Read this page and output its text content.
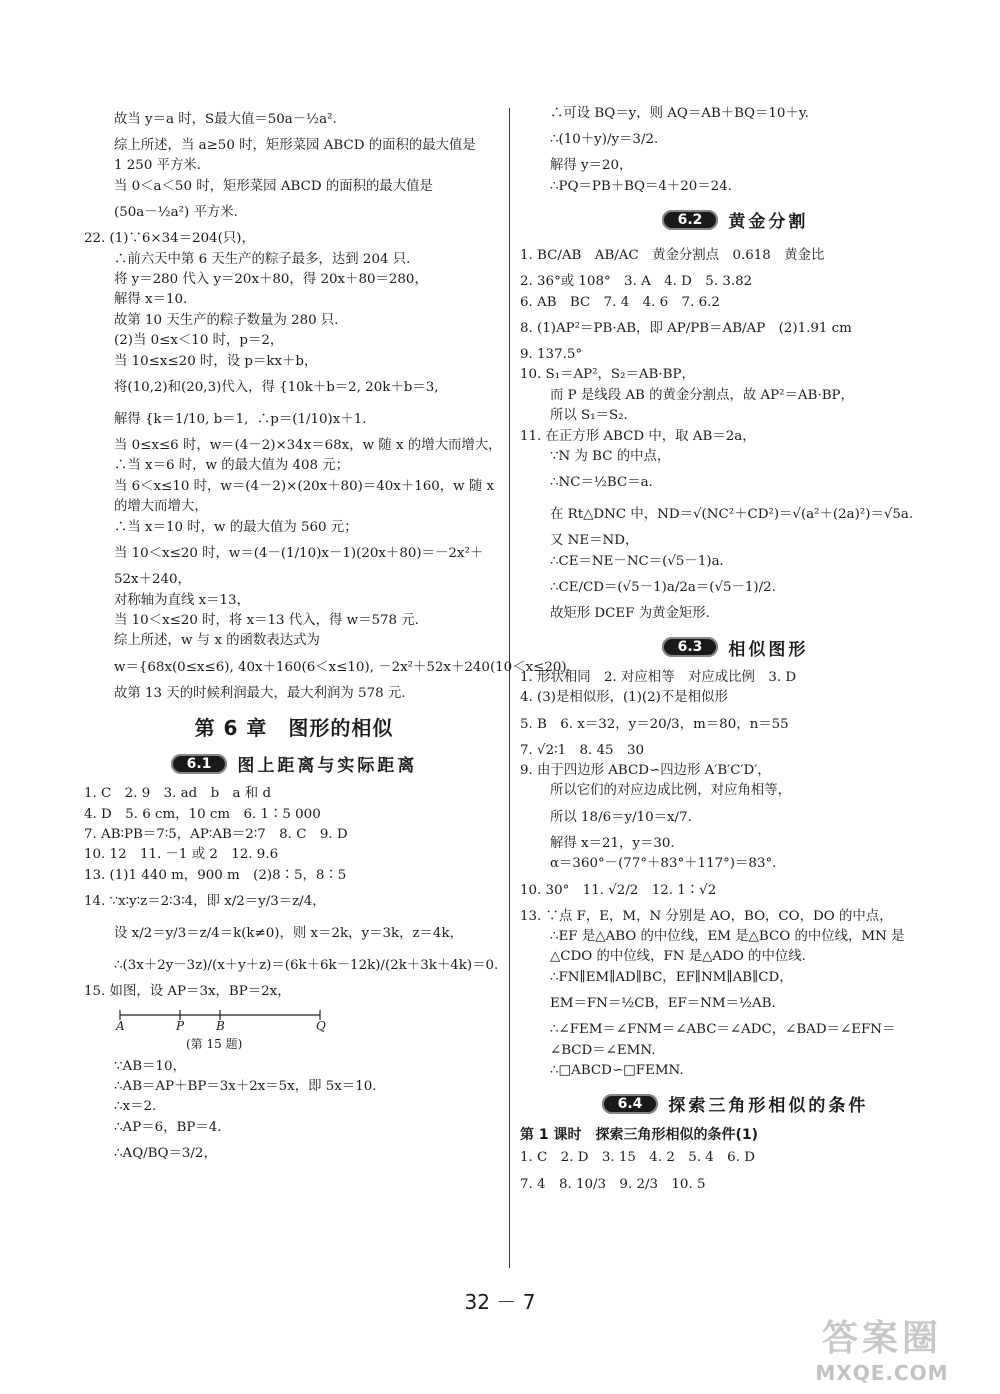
故当 y＝a 时，S最大值＝50a－½a².

综上所述，当 a≥50 时，矩形菜园 ABCD 的面积的最大值是

1 250 平方米.

当 0＜a＜50 时，矩形菜园 ABCD 的面积的最大值是

(50a－½a²) 平方米.

22. (1)∵6×34＝204(只)，

∴前六天中第 6 天生产的粽子最多，达到 204 只.

将 y＝280 代入 y＝20x＋80，得 20x＋80＝280，

解得 x＝10.

故第 10 天生产的粽子数量为 280 只.

(2)当 0≤x＜10 时，p＝2，

当 10≤x≤20 时，设 p＝kx＋b，

将(10,2)和(20,3)代入，得 {10k＋b＝2, 20k＋b＝3,

解得 {k＝1/10, b＝1,  ∴p＝(1/10)x＋1.

当 0≤x≤6 时，w＝(4－2)×34x＝68x，w 随 x 的增大而增大，

∴当 x＝6 时，w 的最大值为 408 元；

当 6＜x≤10 时，w＝(4－2)×(20x＋80)＝40x＋160，w 随 x

的增大而增大，

∴当 x＝10 时，w 的最大值为 560 元；

当 10＜x≤20 时，w＝(4－(1/10)x－1)(20x＋80)＝－2x²＋

52x＋240，

对称轴为直线 x＝13，

当 10＜x≤20 时，将 x＝13 代入，得 w＝578 元.

综上所述，w 与 x 的函数表达式为

w＝{68x(0≤x≤6), 40x＋160(6＜x≤10), －2x²＋52x＋240(10＜x≤20).

故第 13 天的时候利润最大，最大利润为 578 元.

第 6 章　图形的相似
6.1	图上距离与实际距离

1. C　2. 9　3. ad　b　a 和 d

4. D　5. 6 cm，10 cm　6. 1∶5 000

7. AB∶PB＝7∶5，AP∶AB＝2∶7　8. C　9. D

10. 12　11. －1 或 2　12. 9.6

13. (1)1 440 m，900 m　(2)8∶5，8∶5

14. ∵x∶y∶z＝2∶3∶4，即 x/2＝y/3＝z/4，

设 x/2＝y/3＝z/4＝k(k≠0)，则 x＝2k，y＝3k，z＝4k，

∴(3x＋2y－3z)/(x＋y＋z)＝(6k＋6k－12k)/(2k＋3k＋4k)＝0.

15. 如图，设 AP＝3x，BP＝2x，

A	P	B	Q
(第 15 题)

∵AB＝10，

∴AB＝AP＋BP＝3x＋2x＝5x，即 5x＝10.

∴x＝2.

∴AP＝6，BP＝4.

∴AQ/BQ＝3/2，

∴可设 BQ＝y，则 AQ＝AB＋BQ＝10＋y.

∴(10＋y)/y＝3/2.

解得 y＝20，

∴PQ＝PB＋BQ＝4＋20＝24.

6.2	黄金分割

1. BC/AB　AB/AC　黄金分割点　0.618　黄金比

2. 36°或 108°　3. A　4. D　5. 3.82

6. AB　BC　7. 4　4. 6　7. 6.2

8. (1)AP²＝PB·AB，即 AP/PB＝AB/AP　(2)1.91 cm

9. 137.5°

10. S₁＝AP²，S₂＝AB·BP，

而 P 是线段 AB 的黄金分割点，故 AP²＝AB·BP，

所以 S₁＝S₂.

11. 在正方形 ABCD 中，取 AB＝2a，

∵N 为 BC 的中点，

∴NC＝½BC＝a.

在 Rt△DNC 中，ND＝√(NC²＋CD²)＝√(a²＋(2a)²)＝√5a.

又 NE＝ND，

∴CE＝NE－NC＝(√5－1)a.

∴CE/CD＝(√5－1)a/2a＝(√5－1)/2.

故矩形 DCEF 为黄金矩形.

6.3	相似图形

1. 形状相同　2. 对应相等　对应成比例　3. D

4. (3)是相似形，(1)(2)不是相似形

5. B　6. x＝32，y＝20/3，m＝80，n＝55

7. √2∶1　8. 45　30

9. 由于四边形 ABCD∽四边形 A′B′C′D′，

所以它们的对应边成比例，对应角相等，

所以 18/6＝y/10＝x/7.

解得 x＝21，y＝30.

α＝360°－(77°＋83°＋117°)＝83°.

10. 30°　11. √2/2　12. 1∶√2

13. ∵点 F，E，M，N 分别是 AO，BO，CO，DO 的中点，

∴EF 是△ABO 的中位线，EM 是△BCO 的中位线，MN 是

△CDO 的中位线，FN 是△ADO 的中位线.

∴FN∥EM∥AD∥BC，EF∥NM∥AB∥CD，

EM＝FN＝½CB，EF＝NM＝½AB.

∴∠FEM＝∠FNM＝∠ABC＝∠ADC，∠BAD＝∠EFN＝

∠BCD＝∠EMN.

∴□ABCD∽□FEMN.

6.4	探索三角形相似的条件
第 1 课时　探索三角形相似的条件(1)

1. C　2. D　3. 15　4. 2　5. 4　6. D

7. 4　8. 10/3　9. 2/3　10. 5

32 － 7
答案圈
MXQE.COM
